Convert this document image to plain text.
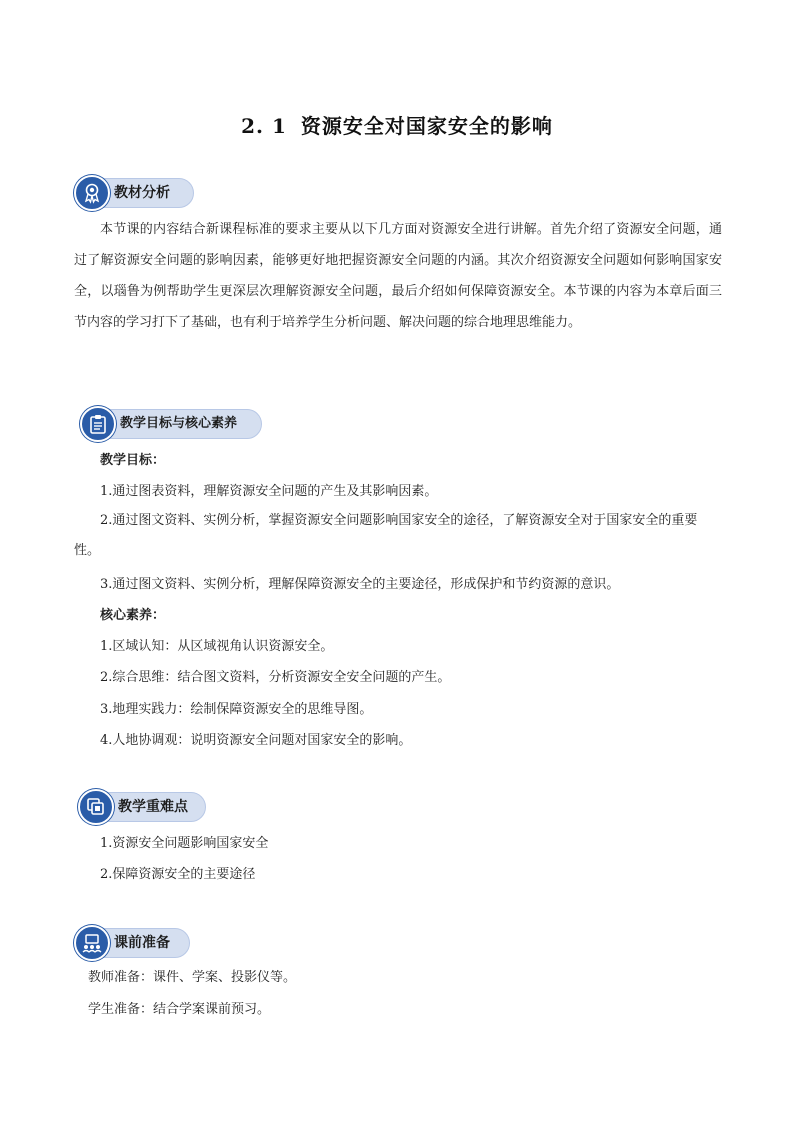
2. 1 资源安全对国家安全的影响
教材分析
本节课的内容结合新课程标准的要求主要从以下几方面对资源安全进行讲解。首先介绍了资源安全问题，通过了解资源安全问题的影响因素，能够更好地把握资源安全问题的内涵。其次介绍资源安全问题如何影响国家安全，以瑙鲁为例帮助学生更深层次理解资源安全问题，最后介绍如何保障资源安全。本节课的内容为本章后面三节内容的学习打下了基础，也有利于培养学生分析问题、解决问题的综合地理思维能力。
教学目标与核心素养
教学目标：
1.通过图表资料，理解资源安全问题的产生及其影响因素。
2.通过图文资料、实例分析，掌握资源安全问题影响国家安全的途径，了解资源安全对于国家安全的重要性。
3.通过图文资料、实例分析，理解保障资源安全的主要途径，形成保护和节约资源的意识。
核心素养：
1.区域认知：从区域视角认识资源安全。
2.综合思维：结合图文资料，分析资源安全安全问题的产生。
3.地理实践力：绘制保障资源安全的思维导图。
4.人地协调观：说明资源安全问题对国家安全的影响。
教学重难点
1.资源安全问题影响国家安全
2.保障资源安全的主要途径
课前准备
教师准备：课件、学案、投影仪等。
学生准备：结合学案课前预习。
